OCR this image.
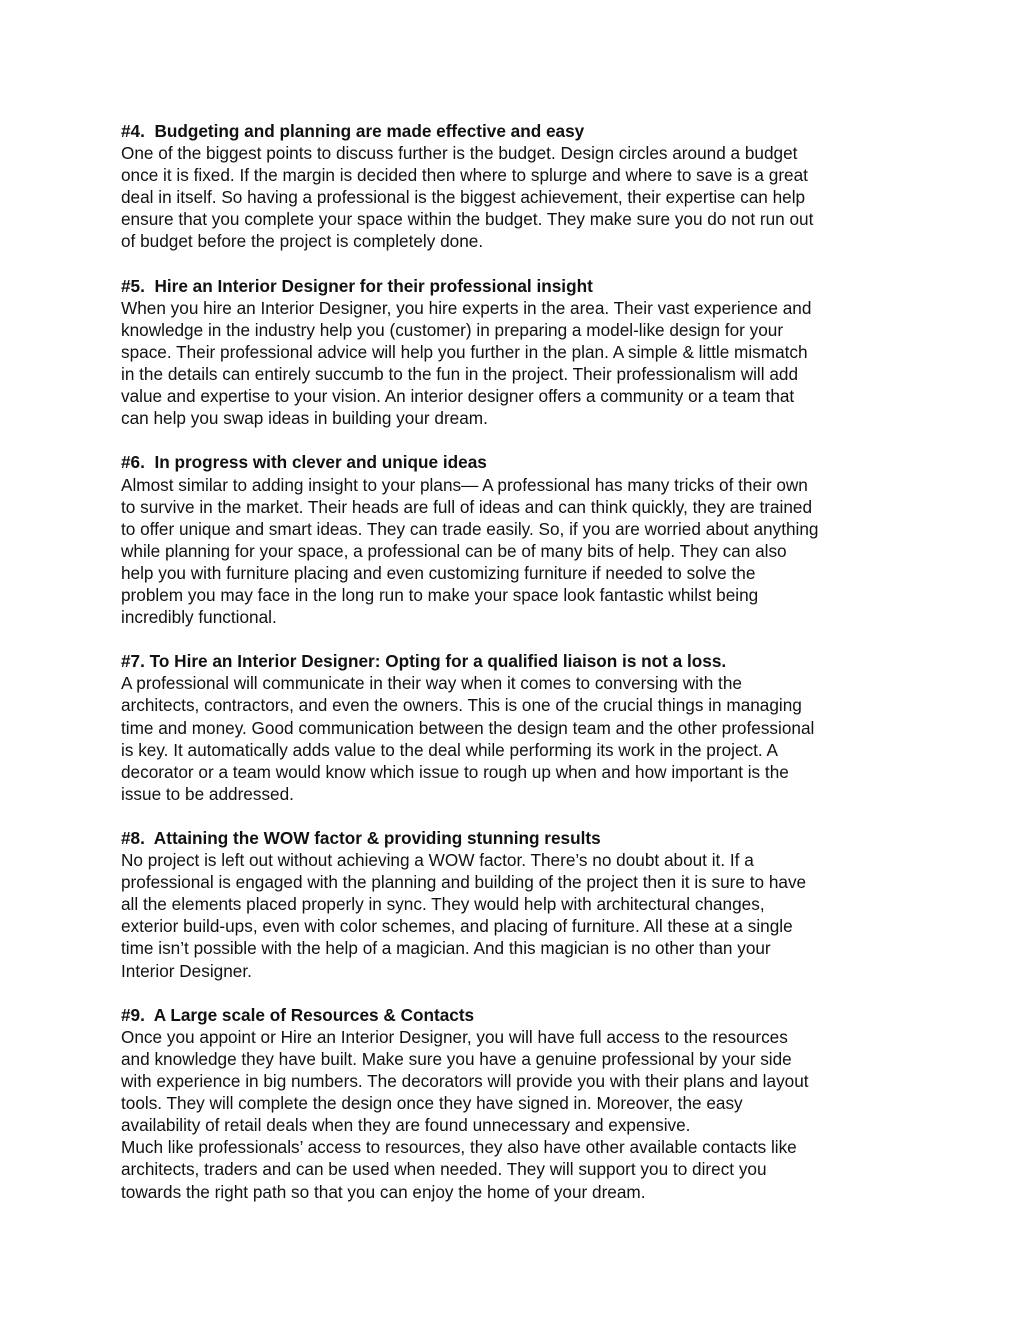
#4.  Budgeting and planning are made effective and easy

One of the biggest points to discuss further is the budget. Design circles around a budget
once it is fixed. If the margin is decided then where to splurge and where to save is a great
deal in itself. So having a professional is the biggest achievement, their expertise can help
ensure that you complete your space within the budget. They make sure you do not run out
of budget before the project is completely done.

#5.  Hire an Interior Designer for their professional insight

When you hire an Interior Designer, you hire experts in the area. Their vast experience and
knowledge in the industry help you (customer) in preparing a model-like design for your
space. Their professional advice will help you further in the plan. A simple & little mismatch
in the details can entirely succumb to the fun in the project. Their professionalism will add
value and expertise to your vision. An interior designer offers a community or a team that
can help you swap ideas in building your dream.

#6.  In progress with clever and unique ideas

Almost similar to adding insight to your plans— A professional has many tricks of their own
to survive in the market. Their heads are full of ideas and can think quickly, they are trained
to offer unique and smart ideas. They can trade easily. So, if you are worried about anything
while planning for your space, a professional can be of many bits of help. They can also
help you with furniture placing and even customizing furniture if needed to solve the
problem you may face in the long run to make your space look fantastic whilst being
incredibly functional.

#7. To Hire an Interior Designer: Opting for a qualified liaison is not a loss.

A professional will communicate in their way when it comes to conversing with the
architects, contractors, and even the owners. This is one of the crucial things in managing
time and money. Good communication between the design team and the other professional
is key. It automatically adds value to the deal while performing its work in the project. A
decorator or a team would know which issue to rough up when and how important is the
issue to be addressed.

#8.  Attaining the WOW factor & providing stunning results

No project is left out without achieving a WOW factor. There’s no doubt about it. If a
professional is engaged with the planning and building of the project then it is sure to have
all the elements placed properly in sync. They would help with architectural changes,
exterior build-ups, even with color schemes, and placing of furniture. All these at a single
time isn’t possible with the help of a magician. And this magician is no other than your
Interior Designer.

#9.  A Large scale of Resources & Contacts

Once you appoint or Hire an Interior Designer, you will have full access to the resources
and knowledge they have built. Make sure you have a genuine professional by your side
with experience in big numbers. The decorators will provide you with their plans and layout
tools. They will complete the design once they have signed in. Moreover, the easy
availability of retail deals when they are found unnecessary and expensive.

Much like professionals’ access to resources, they also have other available contacts like
architects, traders and can be used when needed. They will support you to direct you
towards the right path so that you can enjoy the home of your dream.
